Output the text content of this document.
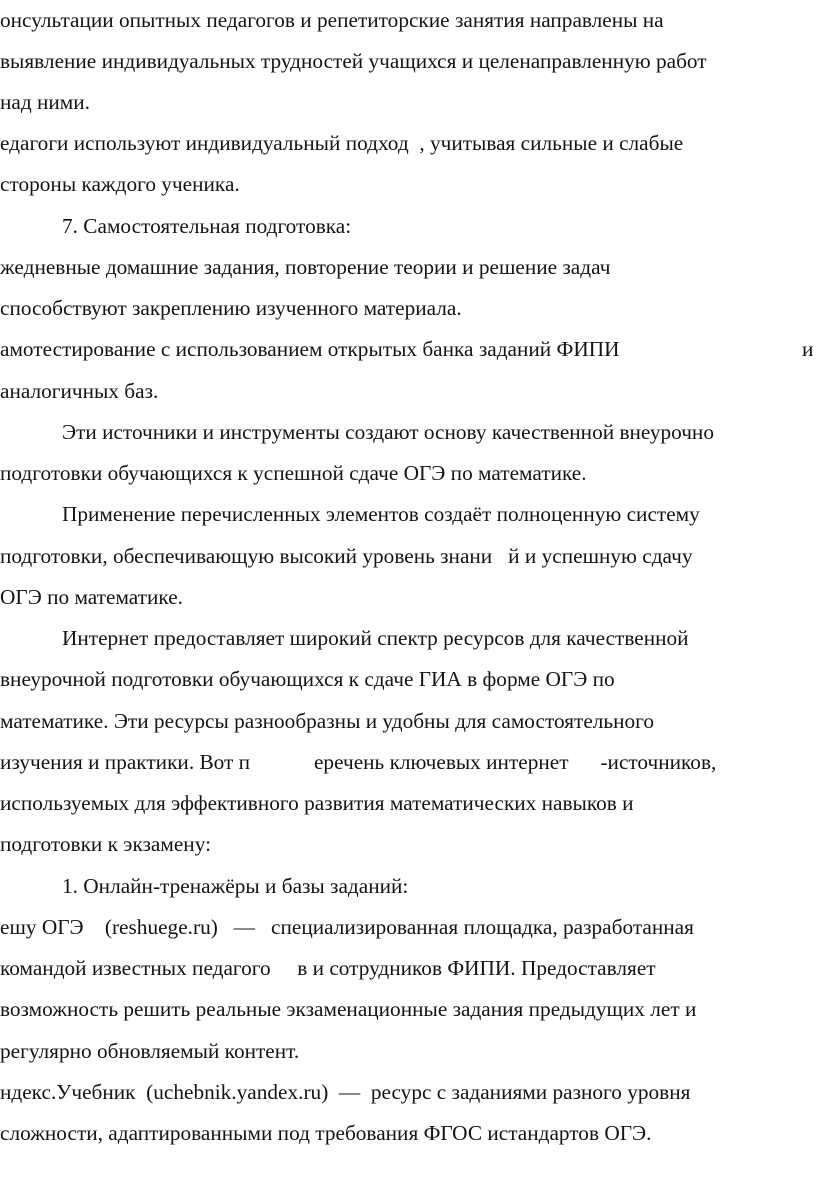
онсультации опытных педагогов и репетиторские занятия направлены на
выявление индивидуальных трудностей учащихся и целенаправленную работ
над ними.
едагоги используют индивидуальный подход  , учитывая сильные и слабые
стороны каждого ученика.
7. Самостоятельная подготовка:
жедневные домашние задания, повторение теории и решение задач
способствуют закреплению изученного материала.
амотестирование с использованием открытых банка заданий ФИПИ	и
аналогичных баз.
Эти источники и инструменты создают основу качественной внеурочно
подготовки обучающихся к успешной сдаче ОГЭ по математике.
Применение перечисленных элементов создаёт полноценную систему
подготовки, обеспечивающую высокий уровень знани   й и успешную сдачу
ОГЭ по математике.
Интернет предоставляет широкий спектр ресурсов для качественной
внеурочной подготовки обучающихся к сдаче ГИА в форме ОГЭ по
математике. Эти ресурсы разнообразны и удобны для самостоятельного
изучения и практики. Вот п            еречень ключевых интернет      -источников,
используемых для эффективного развития математических навыков и
подготовки к экзамену:
1. Онлайн-тренажёры и базы заданий:
ешу ОГЭ    (reshuege.ru)   —   специализированная площадка, разработанная
командой известных педагого     в и сотрудников ФИПИ. Предоставляет
возможность решить реальные экзаменационные задания предыдущих лет и
регулярно обновляемый контент.
ндекс.Учебник  (uchebnik.yandex.ru)  —  ресурс с заданиями разного уровня
сложности, адаптированными под требования ФГОС истандартов ОГЭ.
